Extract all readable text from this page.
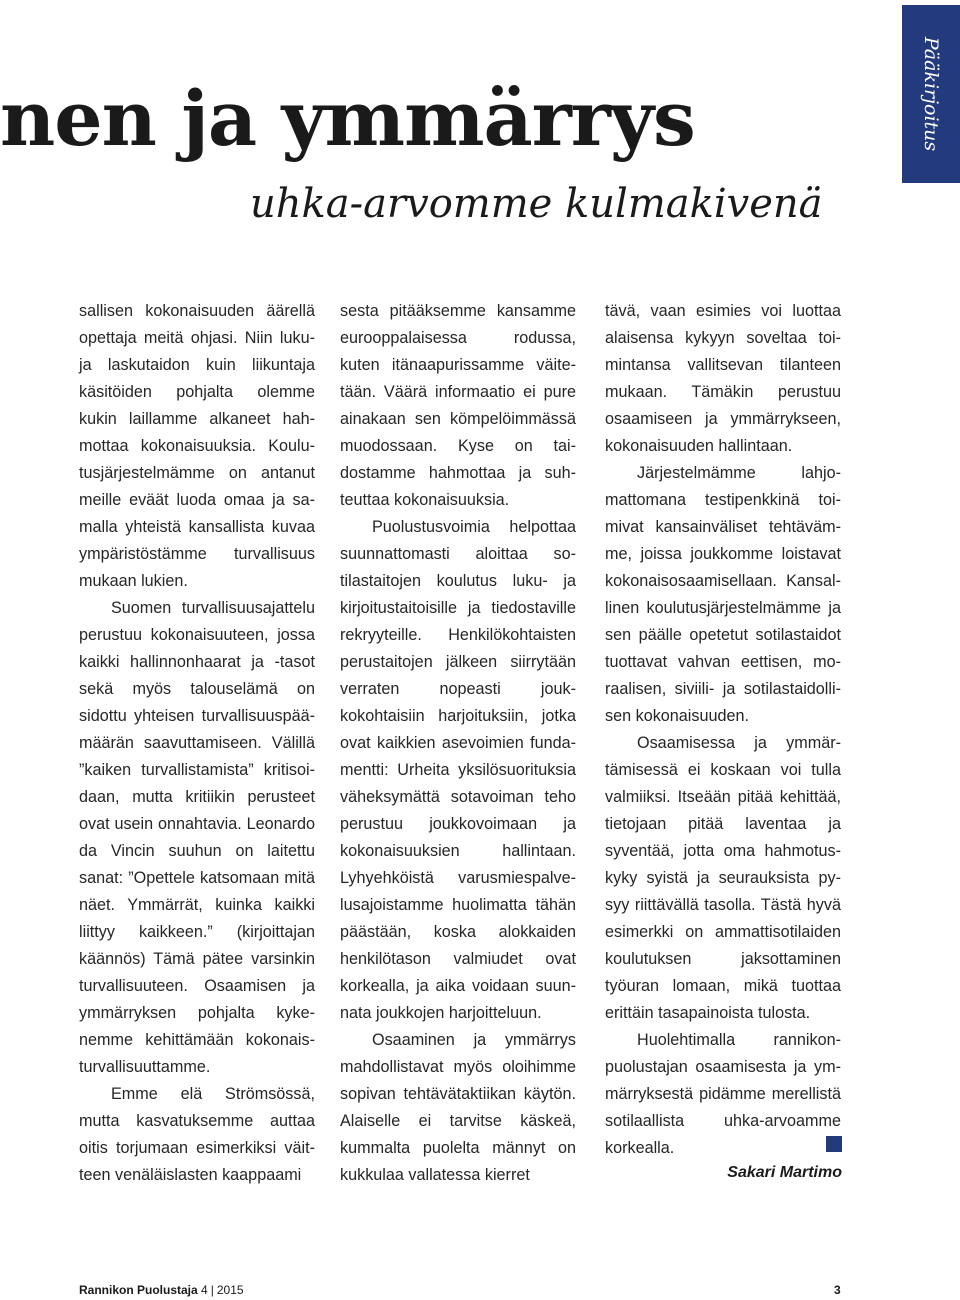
nen ja ymmärrys
uhka-arvomme kulmakivenä
Pääkirjoitus

sallisen kokonaisuuden äärellä opettaja meitä ohjasi. Niin luku- ja laskutaidon kuin liikuntaja käsitöiden pohjalta olemme kukin laillamme alkaneet hahmottaa kokonaisuuksia. Koulutusjärjestelmämme on antanut meille eväät luoda omaa ja samalla yhteistä kansallista kuvaa ympäristöstämme turvallisuus mukaan lukien.

Suomen turvallisuusajattelu perustuu kokonaisuuteen, jossa kaikki hallinnonhaarat ja -tasot sekä myös talouselämä on sidottu yhteisen turvallisuuspäämäärän saavuttamiseen. Välillä ”kaiken turvallistamista” kritisoidaan, mutta kritiikin perusteet ovat usein onnahtavia. Leonardo da Vincin suuhun on laitettu sanat: ”Opettele katsomaan mitä näet. Ymmärrät, kuinka kaikki liittyy kaikkeen.” (kirjoittajan käännös) Tämä pätee varsinkin turvallisuuteen. Osaamisen ja ymmärryksen pohjalta kykenemme kehittämään kokonaisturvallisuuttamme.

Emme elä Strömsössä, mutta kasvatuksemme auttaa oitis torjumaan esimerkiksi väitteen venäläislasten kaappaami

sesta pitääksemme kansamme eurooppalaisessa rodussa, kuten itänaapurissamme väitetään. Väärä informaatio ei pure ainakaan sen kömpelöimmässä muodossaan. Kyse on taidostamme hahmottaa ja suhteuttaa kokonaisuuksia.

Puolustusvoimia helpottaa suunnattomasti aloittaa sotilastaitojen koulutus luku- ja kirjoitustaitoisille ja tiedostaville rekryyteille. Henkilökohtaisten perustaitojen jälkeen siirrytään verraten nopeasti joukkokohtaisiin harjoituksiin, jotka ovat kaikkien asevoimien fundamentti: Urheita yksilösuorituksia väheksymättä sotavoiman teho perustuu joukkovoimaan ja kokonaisuuksien hallintaan. Lyhyehköistä varusmiespalvelusajoistamme huolimatta tähän päästään, koska alokkaiden henkilötason valmiudet ovat korkealla, ja aika voidaan suunnata joukkojen harjoitteluun.

Osaaminen ja ymmärrys mahdollistavat myös oloihimme sopivan tehtävätaktiikan käytön. Alaiselle ei tarvitse käskeä, kummalta puolelta männyt on kukkulaa vallatessa kierret

tävä, vaan esimies voi luottaa alaisensa kykyyn soveltaa toimintansa vallitsevan tilanteen mukaan. Tämäkin perustuu osaamiseen ja ymmärrykseen, kokonaisuuden hallintaan.

Järjestelmämme lahjomattomana testipenkkinä toimivat kansainväliset tehtävämme, joissa joukkomme loistavat kokonaisosaamisellaan. Kansallinen koulutusjärjestelmämme ja sen päälle opetetut sotilastaidot tuottavat vahvan eettisen, moraalisen, siviili- ja sotilastaidollisen kokonaisuuden.

Osaamisessa ja ymmärtämisessä ei koskaan voi tulla valmiiksi. Itseään pitää kehittää, tietojaan pitää laventaa ja syventää, jotta oma hahmotuskyky syistä ja seurauksista pysyy riittävällä tasolla. Tästä hyvä esimerkki on ammattisotilaiden koulutuksen jaksottaminen työuran lomaan, mikä tuottaa erittäin tasapainoista tulosta.

Huolehtimalla rannikonpuolustajan osaamisesta ja ymmärryksestä pidämme merellistä sotilaallista uhka-arvoamme korkealla.

Sakari Martimo
Rannikon Puolustaja 4 | 2015	3
